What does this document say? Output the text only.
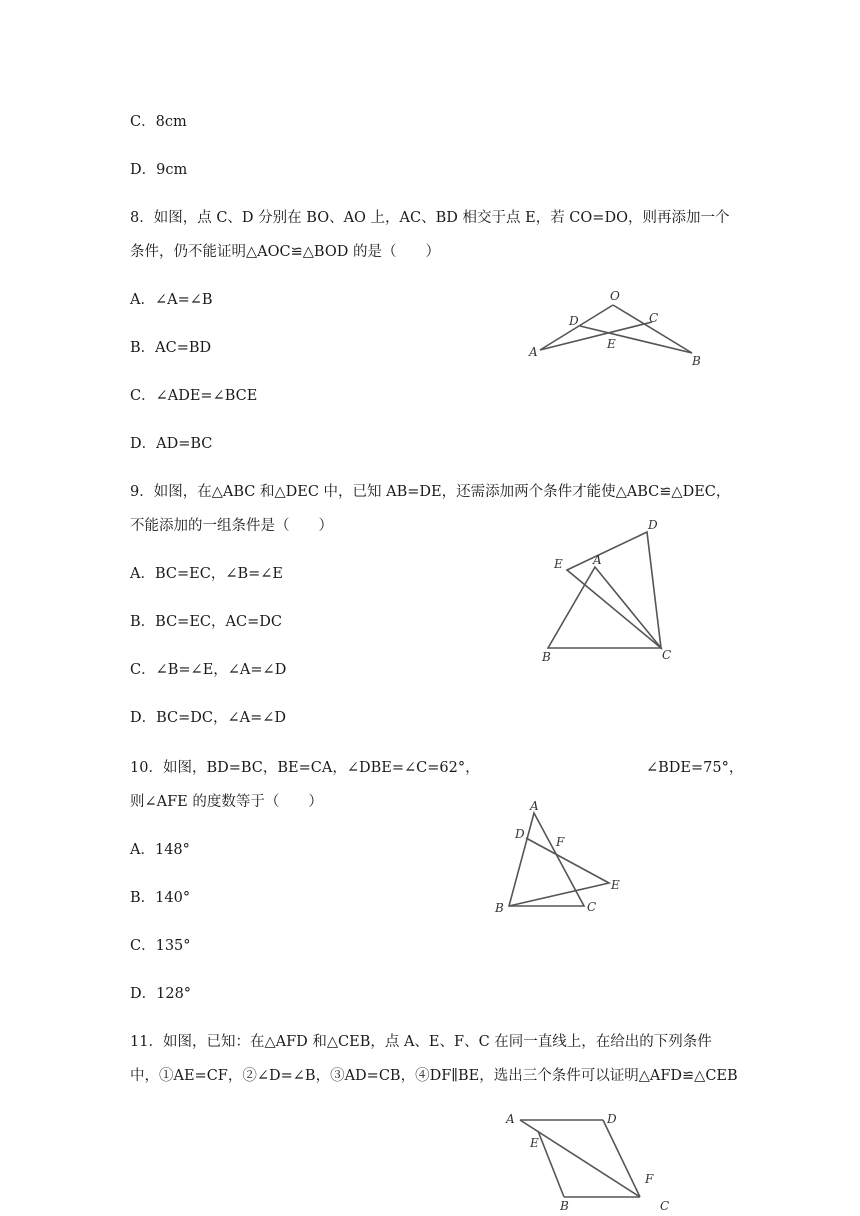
C．8cm
D．9cm
8．如图，点 C、D 分别在 BO、AO 上，AC、BD 相交于点 E，若 CO=DO，则再添加一个
条件，仍不能证明△AOC≌△BOD 的是（　　）
A．∠A=∠B
B．AC=BD
C．∠ADE=∠BCE
D．AD=BC
O
D	C
A
E
B
9．如图，在△ABC 和△DEC 中，已知 AB=DE，还需添加两个条件才能使△ABC≌△DEC，
不能添加的一组条件是（　　）
A．BC=EC，∠B=∠E
B．BC=EC，AC=DC
C．∠B=∠E，∠A=∠D
D．BC=DC，∠A=∠D
D
E	A
B	C
10．如图，BD=BC，BE=CA，∠DBE=∠C=62°，	∠BDE=75°，
则∠AFE 的度数等于（　　）
A．148°
B．140°
C．135°
D．128°
A
D
F
E
B	C
11．如图，已知：在△AFD 和△CEB，点 A、E、F、C 在同一直线上，在给出的下列条件
中，①AE=CF，②∠D=∠B，③AD=CB，④DF∥BE，选出三个条件可以证明△AFD≌△CEB
A	D
E
F
B	C
